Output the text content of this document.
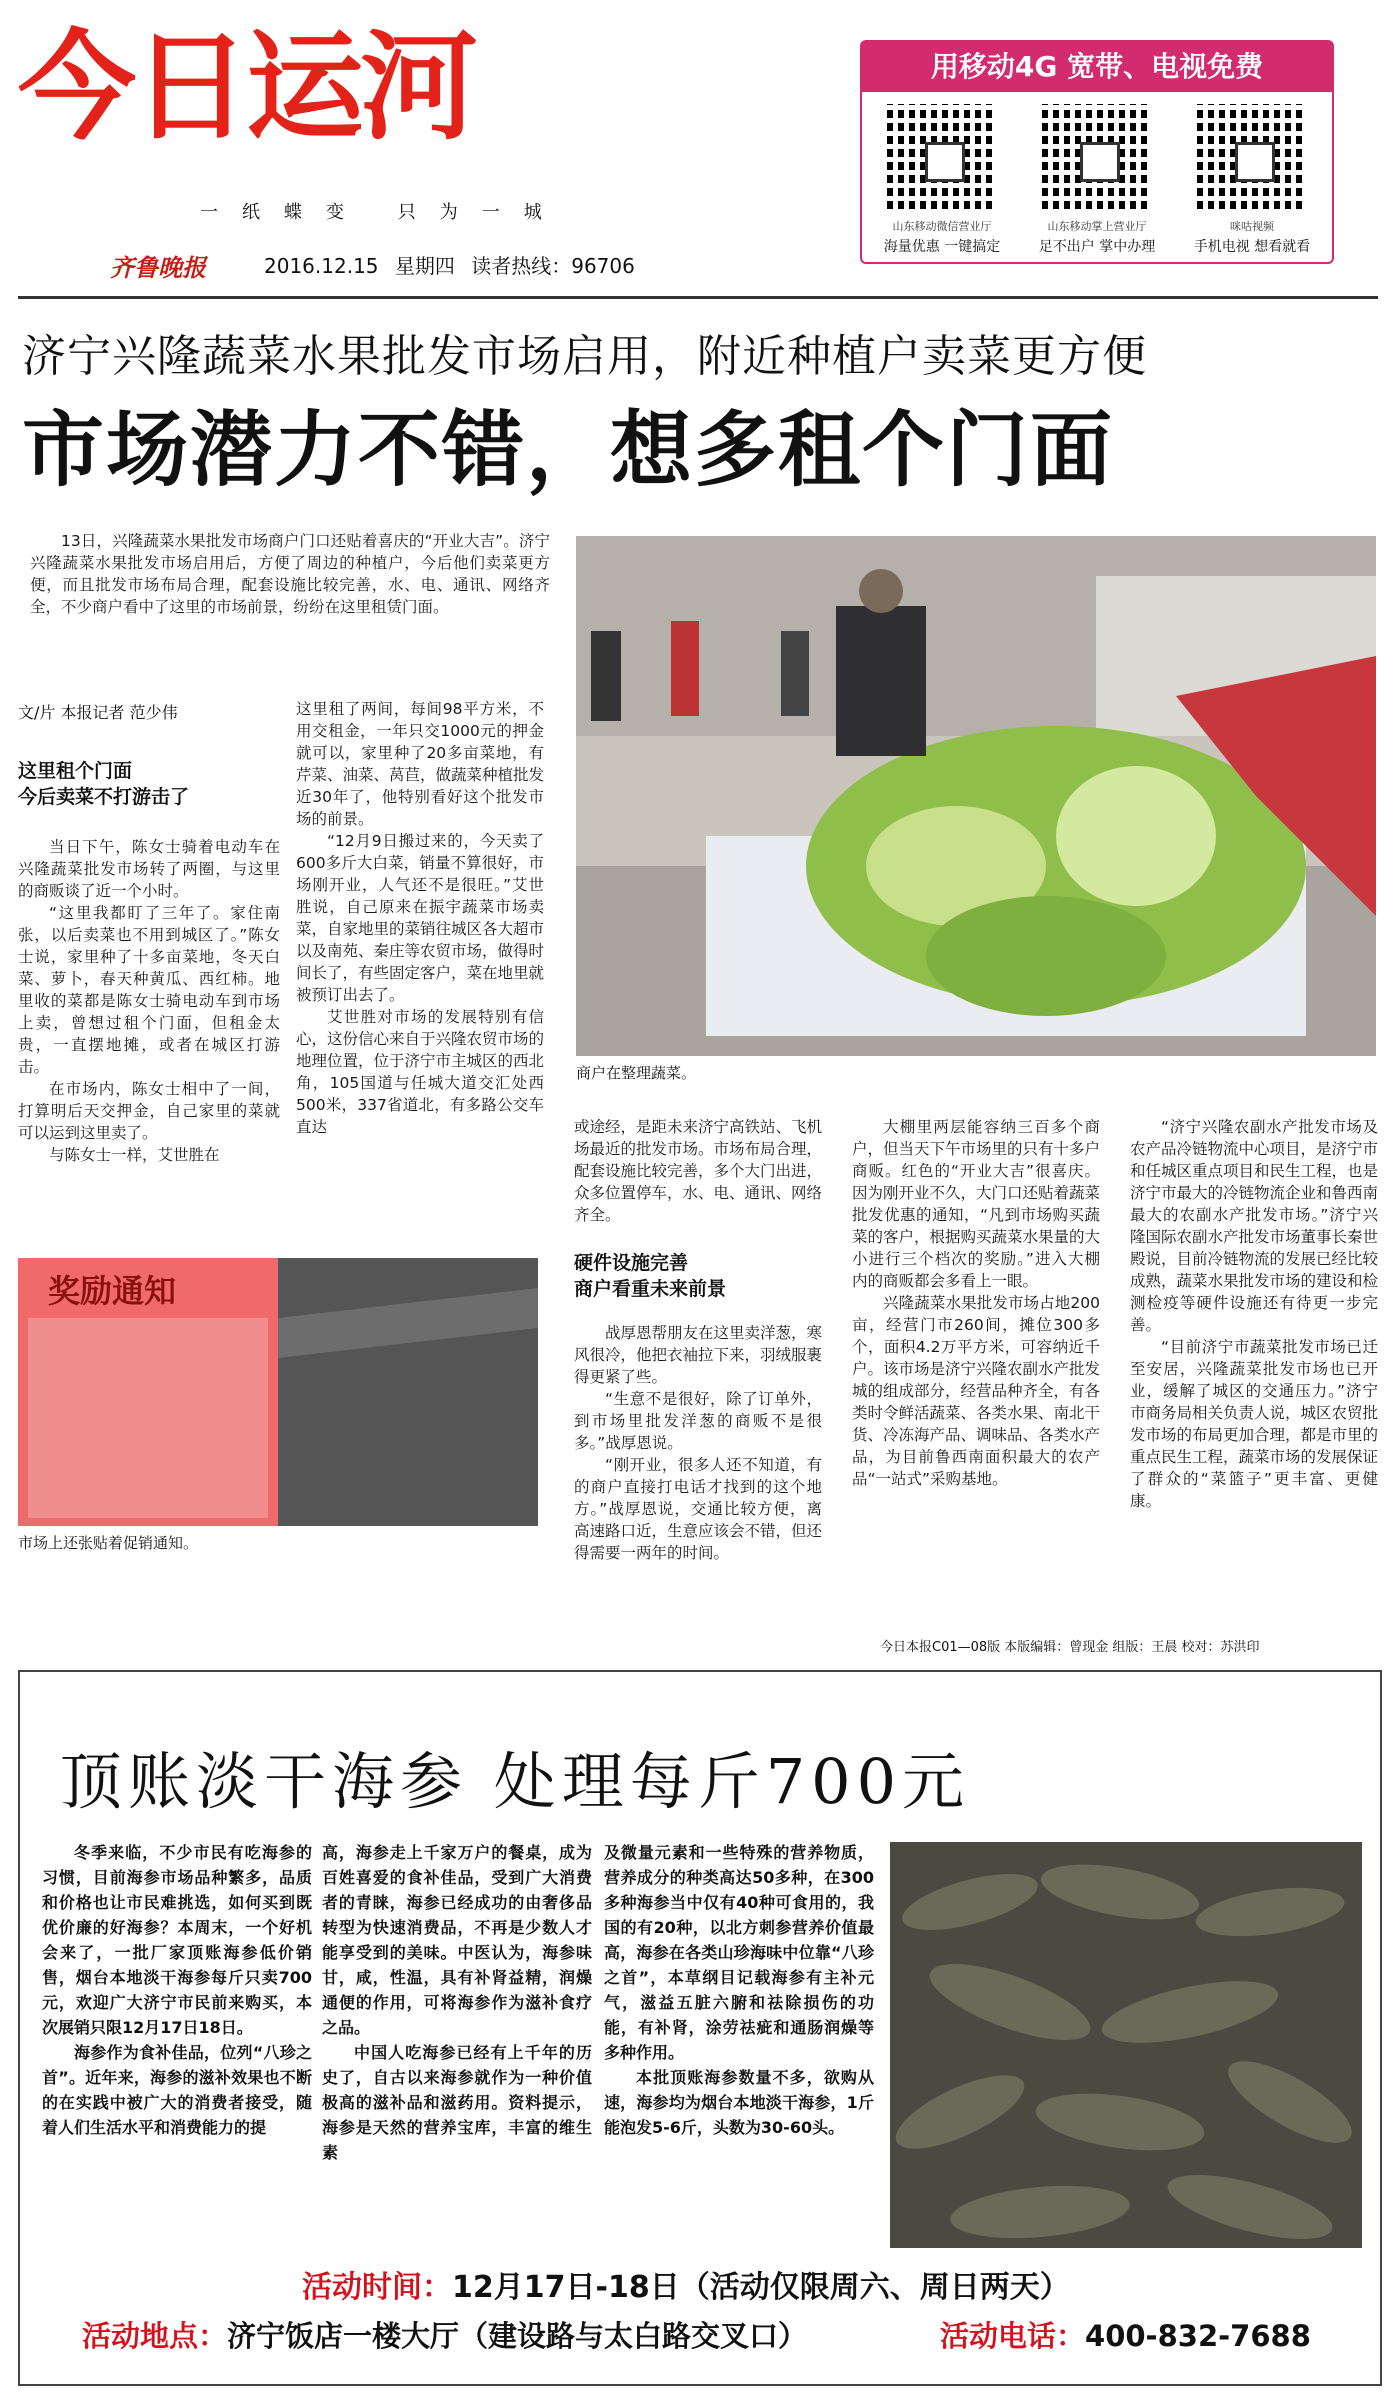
今日运河
一纸蝶变 只为一城
齐鲁晚报	2016.12.15 星期四 读者热线：96706
用移动4G 宽带、电视免费
山东移动微信营业厅
海量优惠 一键搞定
山东移动掌上营业厅
足不出户 掌中办理
咪咕视频
手机电视 想看就看
济宁兴隆蔬菜水果批发市场启用，附近种植户卖菜更方便
市场潜力不错，想多租个门面

13日，兴隆蔬菜水果批发市场商户门口还贴着喜庆的“开业大吉”。济宁兴隆蔬菜水果批发市场启用后，方便了周边的种植户，今后他们卖菜更方便，而且批发市场布局合理，配套设施比较完善，水、电、通讯、网络齐全，不少商户看中了这里的市场前景，纷纷在这里租赁门面。

商户在整理蔬菜。
文/片 本报记者 范少伟
这里租个门面
今后卖菜不打游击了

当日下午，陈女士骑着电动车在兴隆蔬菜批发市场转了两圈，与这里的商贩谈了近一个小时。

“这里我都盯了三年了。家住南张，以后卖菜也不用到城区了。”陈女士说，家里种了十多亩菜地，冬天白菜、萝卜，春天种黄瓜、西红柿。地里收的菜都是陈女士骑电动车到市场上卖，曾想过租个门面，但租金太贵，一直摆地摊，或者在城区打游击。

在市场内，陈女士相中了一间，打算明后天交押金，自己家里的菜就可以运到这里卖了。

与陈女士一样，艾世胜在

这里租了两间，每间98平方米，不用交租金，一年只交1000元的押金就可以，家里种了20多亩菜地，有芹菜、油菜、莴苣，做蔬菜种植批发近30年了，他特别看好这个批发市场的前景。

“12月9日搬过来的，今天卖了600多斤大白菜，销量不算很好，市场刚开业，人气还不是很旺。”艾世胜说，自己原来在振宇蔬菜市场卖菜，自家地里的菜销往城区各大超市以及南苑、秦庄等农贸市场，做得时间长了，有些固定客户，菜在地里就被预订出去了。

艾世胜对市场的发展特别有信心，这份信心来自于兴隆农贸市场的地理位置，位于济宁市主城区的西北角，105国道与任城大道交汇处西500米，337省道北，有多路公交车直达

奖励通知
市场上还张贴着促销通知。

或途经，是距未来济宁高铁站、飞机场最近的批发市场。市场布局合理，配套设施比较完善，多个大门出进，众多位置停车，水、电、通讯、网络齐全。

硬件设施完善
商户看重未来前景

战厚恩帮朋友在这里卖洋葱，寒风很冷，他把衣袖拉下来，羽绒服裹得更紧了些。

“生意不是很好，除了订单外，到市场里批发洋葱的商贩不是很多。”战厚恩说。

“刚开业，很多人还不知道，有的商户直接打电话才找到的这个地方。”战厚恩说，交通比较方便，离高速路口近，生意应该会不错，但还得需要一两年的时间。

大棚里两层能容纳三百多个商户，但当天下午市场里的只有十多户商贩。红色的“开业大吉”很喜庆。因为刚开业不久，大门口还贴着蔬菜批发优惠的通知，“凡到市场购买蔬菜的客户，根据购买蔬菜水果量的大小进行三个档次的奖励。”进入大棚内的商贩都会多看上一眼。

兴隆蔬菜水果批发市场占地200亩，经营门市260间，摊位300多个，面积4.2万平方米，可容纳近千户。该市场是济宁兴隆农副水产批发城的组成部分，经营品种齐全，有各类时令鲜活蔬菜、各类水果、南北干货、冷冻海产品、调味品、各类水产品，为目前鲁西南面积最大的农产品“一站式”采购基地。

“济宁兴隆农副水产批发市场及农产品冷链物流中心项目，是济宁市和任城区重点项目和民生工程，也是济宁市最大的冷链物流企业和鲁西南最大的农副水产批发市场。”济宁兴隆国际农副水产批发市场董事长秦世殿说，目前冷链物流的发展已经比较成熟，蔬菜水果批发市场的建设和检测检疫等硬件设施还有待更一步完善。

“目前济宁市蔬菜批发市场已迁至安居，兴隆蔬菜批发市场也已开业，缓解了城区的交通压力。”济宁市商务局相关负责人说，城区农贸批发市场的布局更加合理，都是市里的重点民生工程，蔬菜市场的发展保证了群众的“菜篮子”更丰富、更健康。

今日本报C01—08版 本版编辑：曾现金 组版：王晨 校对：苏洪印
顶账淡干海参 处理每斤700元

冬季来临，不少市民有吃海参的习惯，目前海参市场品种繁多，品质和价格也让市民难挑选，如何买到既优价廉的好海参？本周末，一个好机会来了，一批厂家顶账海参低价销售，烟台本地淡干海参每斤只卖700元，欢迎广大济宁市民前来购买，本次展销只限12月17日18日。

海参作为食补佳品，位列“八珍之首”。近年来，海参的滋补效果也不断的在实践中被广大的消费者接受，随着人们生活水平和消费能力的提

高，海参走上千家万户的餐桌，成为百姓喜爱的食补佳品，受到广大消费者的青睐，海参已经成功的由奢侈品转型为快速消费品，不再是少数人才能享受到的美味。中医认为，海参味甘，咸，性温，具有补肾益精，润燥通便的作用，可将海参作为滋补食疗之品。

中国人吃海参已经有上千年的历史了，自古以来海参就作为一种价值极高的滋补品和滋药用。资料提示，海参是天然的营养宝库，丰富的维生素

及微量元素和一些特殊的营养物质，营养成分的种类高达50多种，在300多种海参当中仅有40种可食用的，我国的有20种，以北方刺参营养价值最高，海参在各类山珍海味中位靠“八珍之首”，本草纲目记载海参有主补元气，滋益五脏六腑和祛除损伤的功能，有补肾，涂劳祛疵和通肠润燥等多种作用。

本批顶账海参数量不多，欲购从速，海参均为烟台本地淡干海参，1斤能泡发5-6斤，头数为30-60头。

活动时间：12月17日-18日（活动仅限周六、周日两天）
活动地点：济宁饭店一楼大厅（建设路与太白路交叉口）	活动电话：400-832-7688
